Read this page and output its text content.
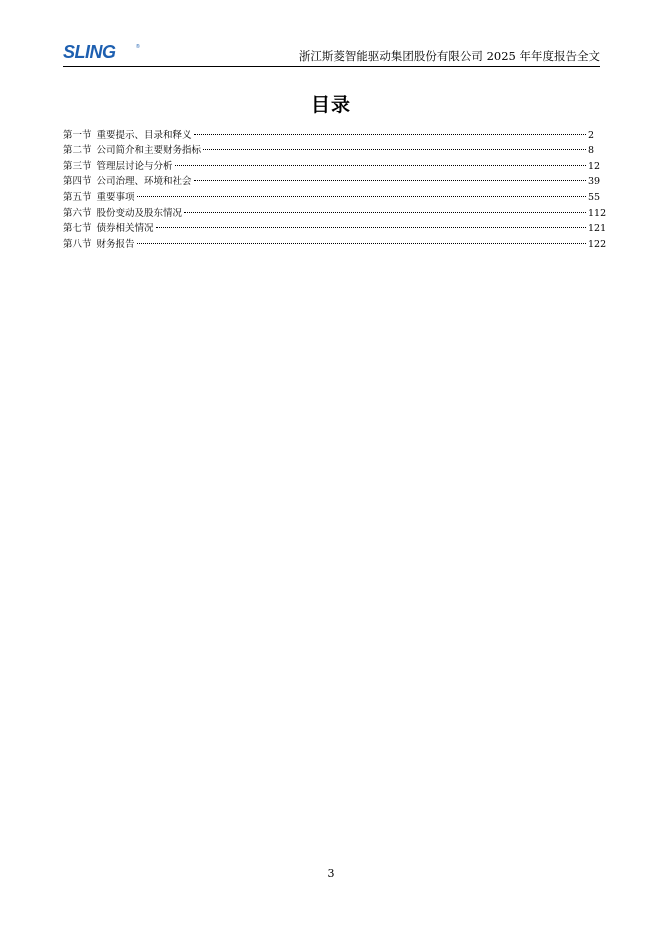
SLING	®
浙江斯菱智能驱动集团股份有限公司 2025 年年度报告全文
目录
第一节 重要提示、目录和释义	2
第二节 公司简介和主要财务指标	8
第三节 管理层讨论与分析	12
第四节 公司治理、环境和社会	39
第五节 重要事项	55
第六节 股份变动及股东情况	112
第七节 债券相关情况	121
第八节 财务报告	122
3
